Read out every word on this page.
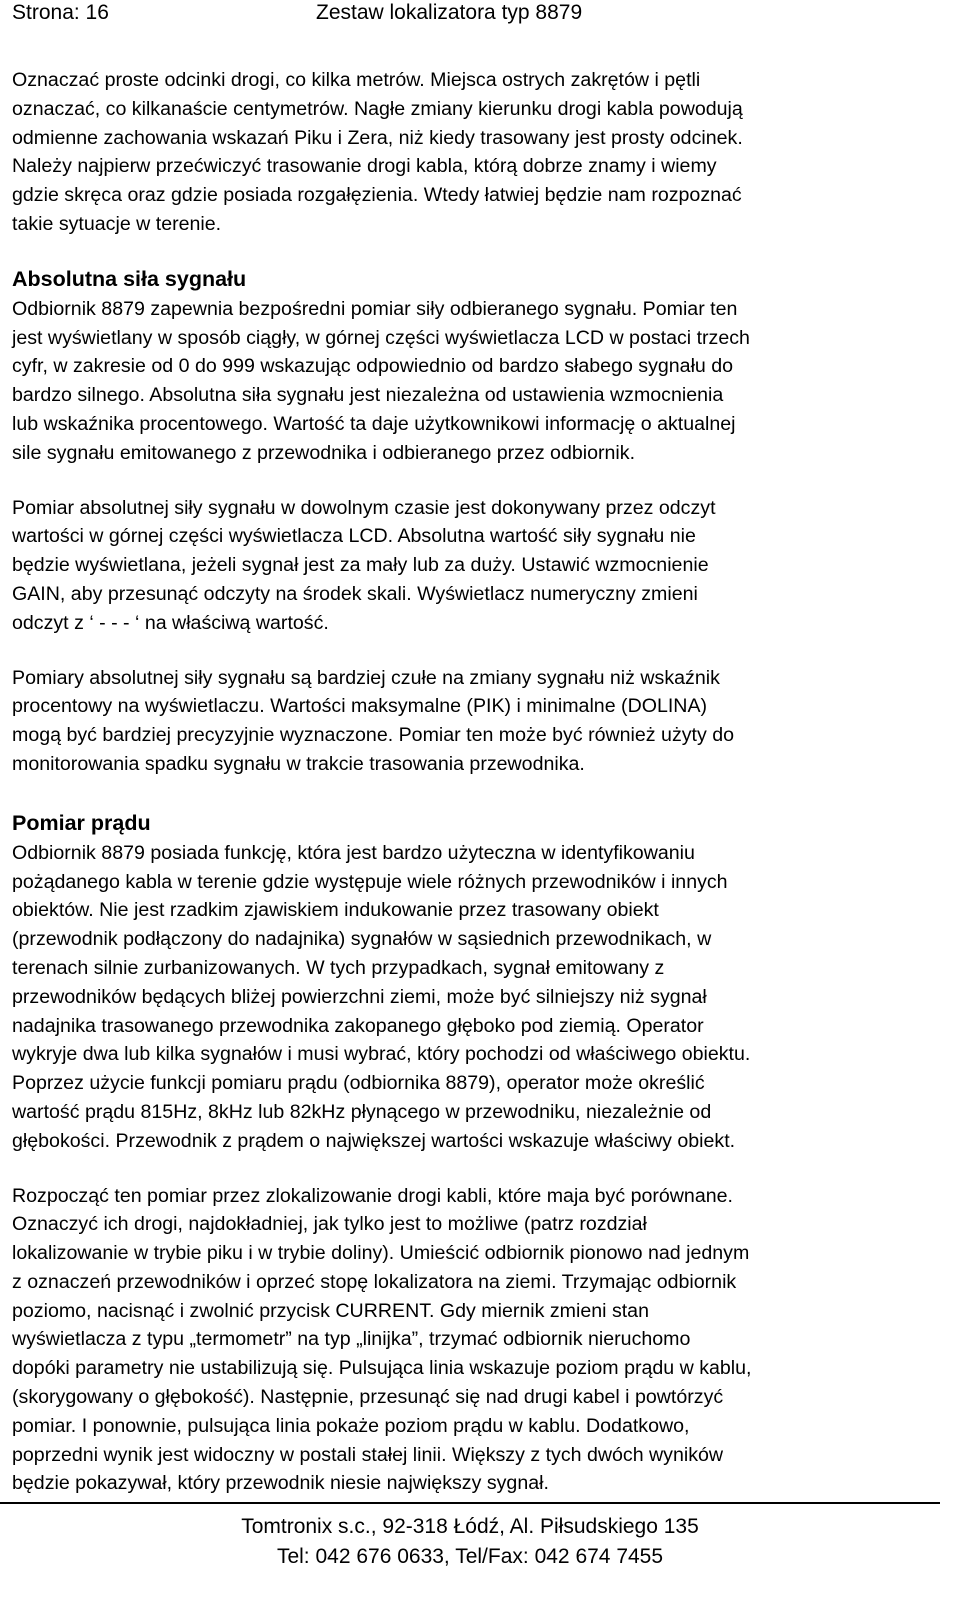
Strona: 16	Zestaw lokalizatora typ 8879
Oznaczać proste odcinki drogi, co kilka metrów. Miejsca ostrych zakrętów i pętli
oznaczać, co kilkanaście centymetrów. Nagłe zmiany kierunku drogi kabla powodują
odmienne zachowania wskazań Piku i Zera, niż kiedy trasowany jest prosty odcinek.
Należy najpierw przećwiczyć trasowanie drogi kabla, którą dobrze znamy i wiemy
gdzie skręca oraz gdzie posiada rozgałęzienia. Wtedy łatwiej będzie nam rozpoznać
takie sytuacje w terenie.
Absolutna siła sygnału
Odbiornik 8879 zapewnia bezpośredni pomiar siły odbieranego sygnału. Pomiar ten
jest wyświetlany w sposób ciągły, w górnej części wyświetlacza LCD w postaci trzech
cyfr, w zakresie od 0 do 999 wskazując odpowiednio od bardzo słabego sygnału do
bardzo silnego. Absolutna siła sygnału jest niezależna od ustawienia wzmocnienia
lub wskaźnika procentowego. Wartość ta daje użytkownikowi informację o aktualnej
sile sygnału emitowanego z przewodnika i odbieranego przez odbiornik.
Pomiar absolutnej siły sygnału w dowolnym czasie jest dokonywany przez odczyt
wartości w górnej części wyświetlacza LCD. Absolutna wartość siły sygnału nie
będzie wyświetlana, jeżeli sygnał jest za mały lub za duży. Ustawić wzmocnienie
GAIN, aby przesunąć odczyty na środek skali. Wyświetlacz numeryczny zmieni
odczyt z ‘ - - - ‘ na właściwą wartość.
Pomiary absolutnej siły sygnału są bardziej czułe na zmiany sygnału niż wskaźnik
procentowy na wyświetlaczu. Wartości maksymalne (PIK) i minimalne (DOLINA)
mogą być bardziej precyzyjnie wyznaczone. Pomiar ten może być również użyty do
monitorowania spadku sygnału w trakcie trasowania przewodnika.
Pomiar prądu
Odbiornik 8879 posiada funkcję, która jest bardzo użyteczna w identyfikowaniu
pożądanego kabla w terenie gdzie występuje wiele różnych przewodników i innych
obiektów. Nie jest rzadkim zjawiskiem indukowanie przez trasowany obiekt
(przewodnik podłączony do nadajnika) sygnałów w sąsiednich przewodnikach, w
terenach silnie zurbanizowanych. W tych przypadkach, sygnał emitowany z
przewodników będących bliżej powierzchni ziemi, może być silniejszy niż sygnał
nadajnika trasowanego przewodnika zakopanego głęboko pod ziemią. Operator
wykryje dwa lub kilka sygnałów i musi wybrać, który pochodzi od właściwego obiektu.
Poprzez użycie funkcji pomiaru prądu (odbiornika 8879), operator może określić
wartość prądu 815Hz, 8kHz lub 82kHz płynącego w przewodniku, niezależnie od
głębokości. Przewodnik z prądem o największej wartości wskazuje właściwy obiekt.
Rozpocząć ten pomiar przez zlokalizowanie drogi kabli, które maja być porównane.
Oznaczyć ich drogi, najdokładniej, jak tylko jest to możliwe (patrz rozdział
lokalizowanie w trybie piku i w trybie doliny). Umieścić odbiornik pionowo nad jednym
z oznaczeń przewodników i oprzeć stopę lokalizatora na ziemi. Trzymając odbiornik
poziomo, nacisnąć i zwolnić przycisk CURRENT. Gdy miernik zmieni stan
wyświetlacza z typu „termometr” na typ „linijka”, trzymać odbiornik nieruchomo
dopóki parametry nie ustabilizują się. Pulsująca linia wskazuje poziom prądu w kablu,
(skorygowany o głębokość). Następnie, przesunąć się nad drugi kabel i powtórzyć
pomiar. I ponownie, pulsująca linia pokaże poziom prądu w kablu. Dodatkowo,
poprzedni wynik jest widoczny w postali stałej linii. Większy z tych dwóch wyników
będzie pokazywał, który przewodnik niesie największy sygnał.
Tomtronix s.c., 92-318 Łódź, Al. Piłsudskiego 135
Tel: 042 676 0633, Tel/Fax: 042 674 7455
